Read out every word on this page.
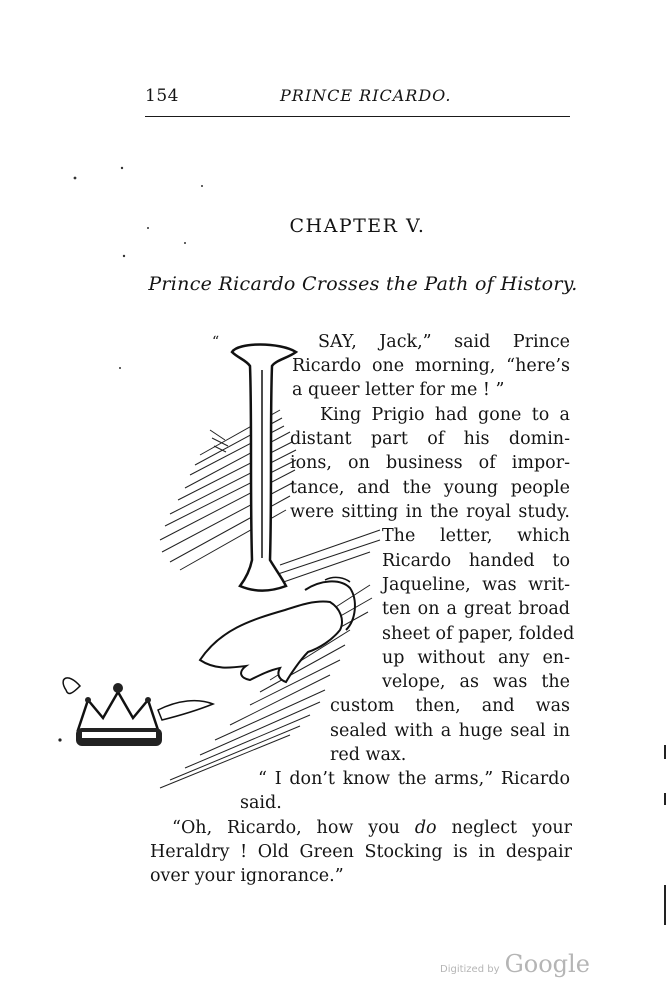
154	PRINCE RICARDO.
CHAPTER V.
Prince Ricardo Crosses the Path of History.
“	SAY, Jack,” said Prince
Ricardo one morning, “here’s
a queer letter for me ! ”
King Prigio had gone to a
distant part of his domin-
ions, on business of impor-
tance, and the young people
were sitting in the royal study.
The letter, which
Ricardo handed to
Jaqueline, was writ-
ten on a great broad
sheet of paper, folded
up without any en-
velope, as was the
custom then, and was
sealed with a huge seal in
red wax.
“ I don’t know the arms,” Ricardo
said.
“Oh, Ricardo, how you do neglect your
Heraldry ! Old Green Stocking is in despair
over your ignorance.”
Digitized by Google
